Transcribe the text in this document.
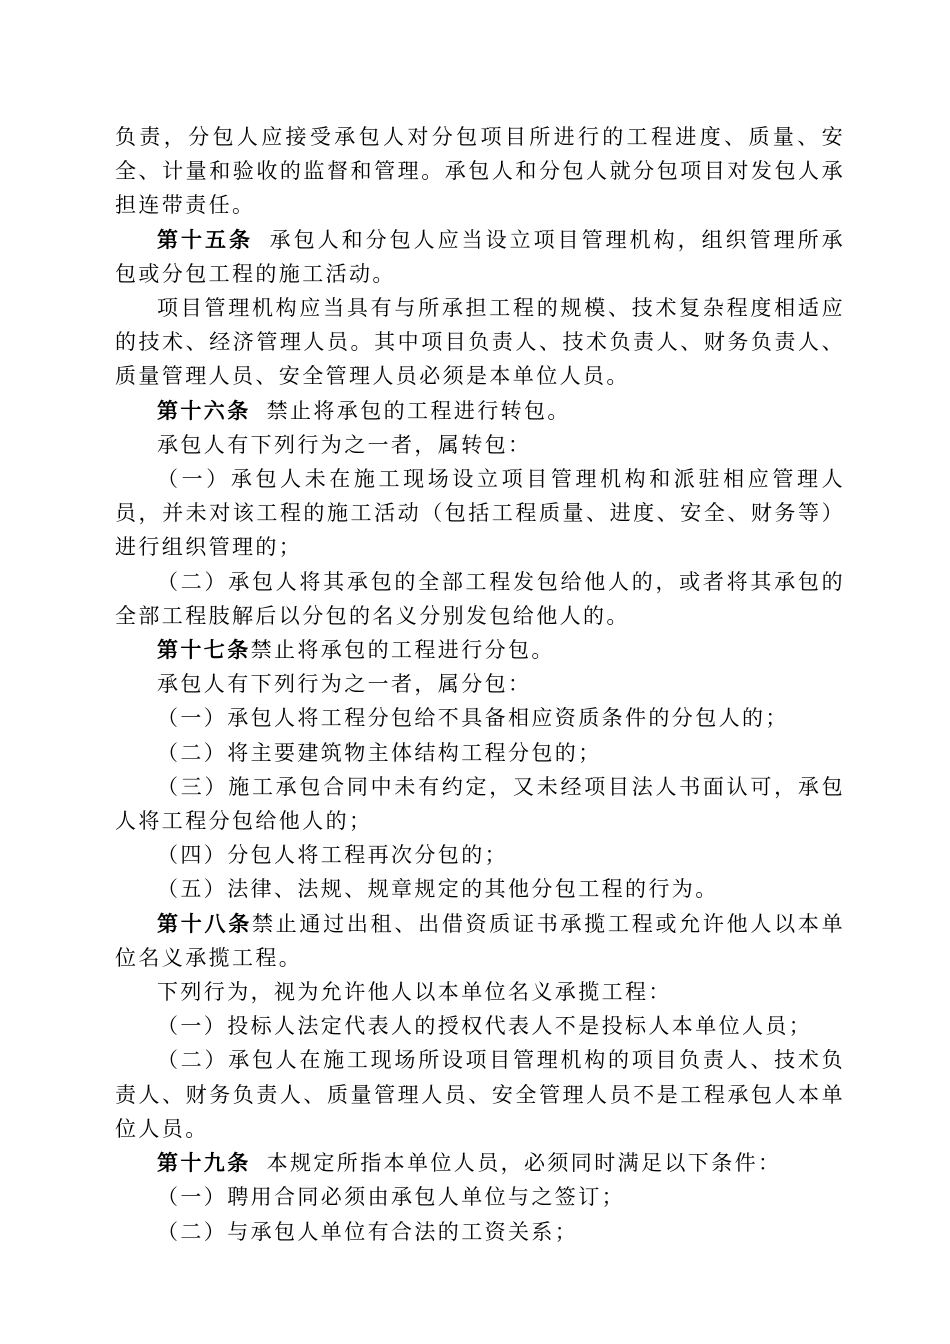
负责，分包人应接受承包人对分包项目所进行的工程进度、质量、安全、计量和验收的监督和管理。承包人和分包人就分包项目对发包人承担连带责任。

第十五条 承包人和分包人应当设立项目管理机构，组织管理所承包或分包工程的施工活动。

项目管理机构应当具有与所承担工程的规模、技术复杂程度相适应的技术、经济管理人员。其中项目负责人、技术负责人、财务负责人、质量管理人员、安全管理人员必须是本单位人员。

第十六条 禁止将承包的工程进行转包。

承包人有下列行为之一者，属转包：

（一）承包人未在施工现场设立项目管理机构和派驻相应管理人员，并未对该工程的施工活动（包括工程质量、进度、安全、财务等）进行组织管理的；

（二）承包人将其承包的全部工程发包给他人的，或者将其承包的全部工程肢解后以分包的名义分别发包给他人的。

第十七条禁止将承包的工程进行分包。

承包人有下列行为之一者，属分包：

（一）承包人将工程分包给不具备相应资质条件的分包人的；

（二）将主要建筑物主体结构工程分包的；

（三）施工承包合同中未有约定，又未经项目法人书面认可，承包人将工程分包给他人的；

（四）分包人将工程再次分包的；

（五）法律、法规、规章规定的其他分包工程的行为。

第十八条禁止通过出租、出借资质证书承揽工程或允许他人以本单位名义承揽工程。

下列行为，视为允许他人以本单位名义承揽工程：

（一）投标人法定代表人的授权代表人不是投标人本单位人员；

（二）承包人在施工现场所设项目管理机构的项目负责人、技术负责人、财务负责人、质量管理人员、安全管理人员不是工程承包人本单位人员。

第十九条 本规定所指本单位人员，必须同时满足以下条件：

（一）聘用合同必须由承包人单位与之签订；

（二）与承包人单位有合法的工资关系；
